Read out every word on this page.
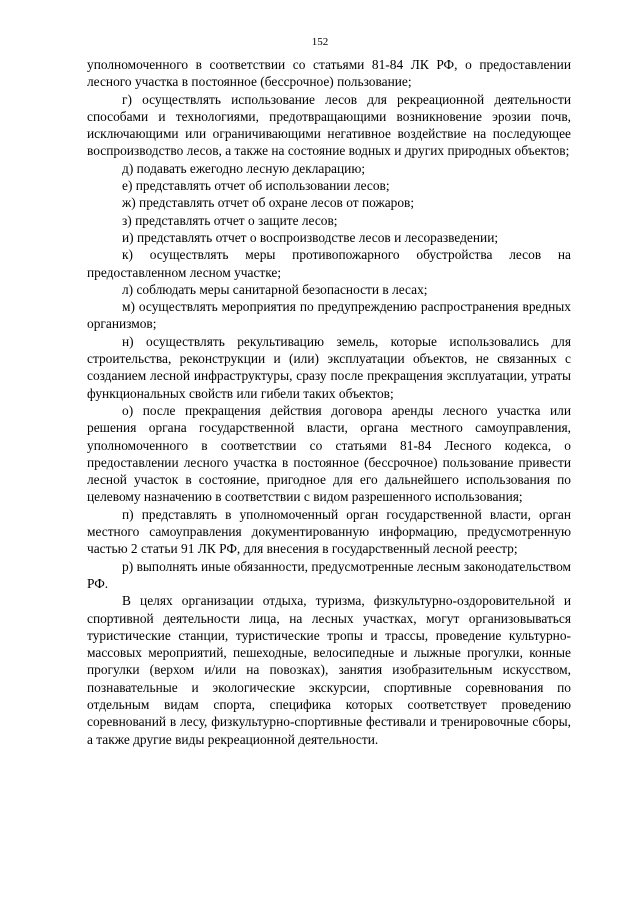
152

уполномоченного в соответствии со статьями 81-84 ЛК РФ, о предоставлении лесного участка в постоянное (бессрочное) пользование;

г) осуществлять использование лесов для рекреационной деятельности способами и технологиями, предотвращающими возникновение эрозии почв, исключающими или ограничивающими негативное воздействие на последующее воспроизводство лесов, а также на состояние водных и других природных объектов;

д) подавать ежегодно лесную декларацию;

е) представлять отчет об использовании лесов;

ж) представлять отчет об охране лесов от пожаров;

з) представлять отчет о защите лесов;

и) представлять отчет о воспроизводстве лесов и лесоразведении;

к) осуществлять меры противопожарного обустройства лесов на предоставленном лесном участке;

л) соблюдать меры санитарной безопасности в лесах;

м) осуществлять мероприятия по предупреждению распространения вредных организмов;

н) осуществлять рекультивацию земель, которые использовались для строительства, реконструкции и (или) эксплуатации объектов, не связанных с созданием лесной инфраструктуры, сразу после прекращения эксплуатации, утраты функциональных свойств или гибели таких объектов;

о) после прекращения действия договора аренды лесного участка или решения органа государственной власти, органа местного самоуправления, уполномоченного в соответствии со статьями 81-84 Лесного кодекса, о предоставлении лесного участка в постоянное (бессрочное) пользование привести лесной участок в состояние, пригодное для его дальнейшего использования по целевому назначению в соответствии с видом разрешенного использования;

п) представлять в уполномоченный орган государственной власти, орган местного самоуправления документированную информацию, предусмотренную частью 2 статьи 91 ЛК РФ, для внесения в государственный лесной реестр;

р) выполнять иные обязанности, предусмотренные лесным законодательством РФ.

В целях организации отдыха, туризма, физкультурно-оздоровительной и спортивной деятельности лица, на лесных участках, могут организовываться туристические станции, туристические тропы и трассы, проведение культурно-массовых мероприятий, пешеходные, велосипедные и лыжные прогулки, конные прогулки (верхом и/или на повозках), занятия изобразительным искусством, познавательные и экологические экскурсии, спортивные соревнования по отдельным видам спорта, специфика которых соответствует проведению соревнований в лесу, физкультурно-спортивные фестивали и тренировочные сборы, а также другие виды рекреационной деятельности.
